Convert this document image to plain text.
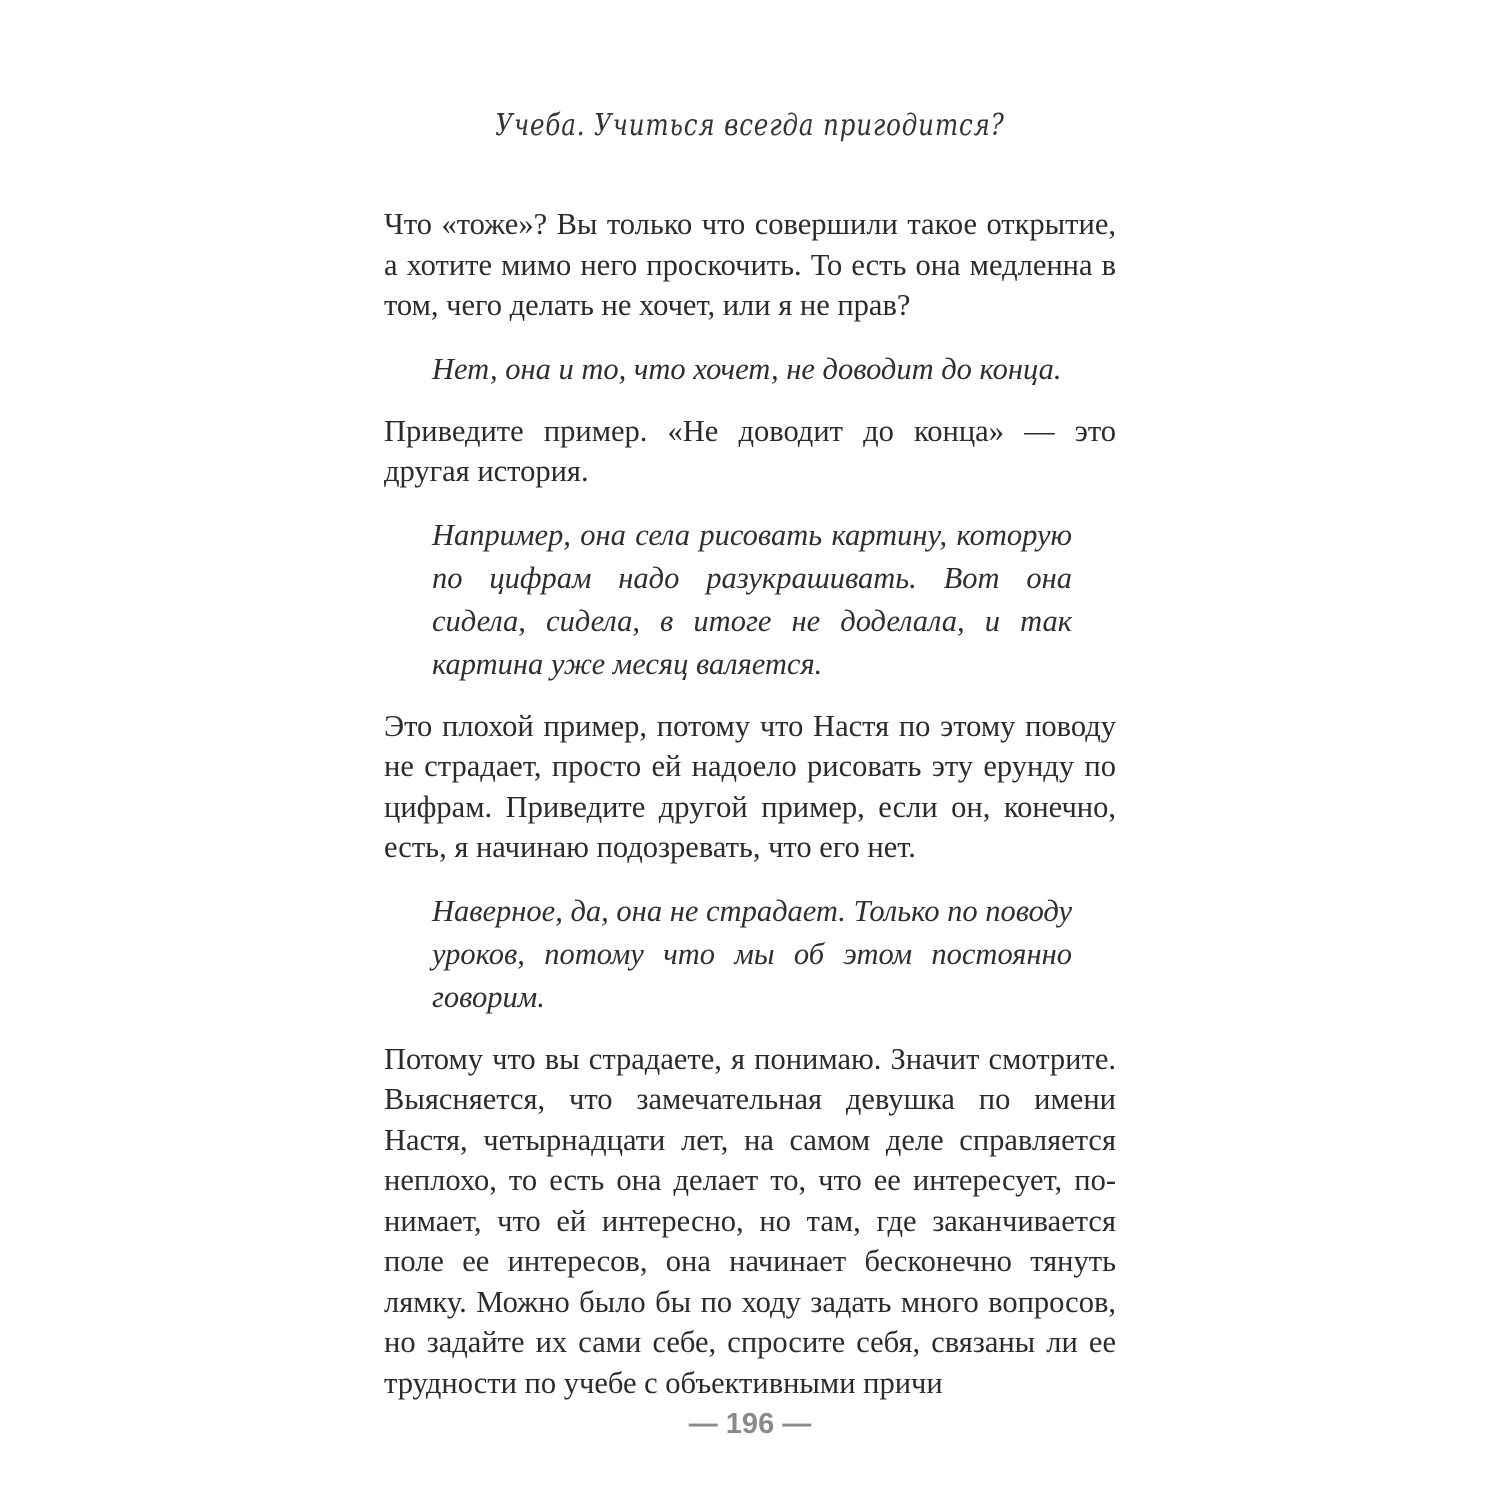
Учеба. Учиться всегда пригодится?

Что «тоже»? Вы только что совершили такое открытие, а хотите мимо него проскочить. То есть она медленна в том, чего делать не хочет, или я не прав?

Нет, она и то, что хочет, не доводит до конца.

Приведите пример. «Не доводит до конца» — это другая история.

Например, она села рисовать картину, которую по цифрам надо разукрашивать. Вот она сидела, сидела, в итоге не доделала, и так картина уже месяц валяется.

Это плохой пример, потому что Настя по этому поводу не страдает, просто ей надоело рисовать эту ерунду по цифрам. Приведите другой пример, если он, конечно, есть, я начинаю подозревать, что его нет.

Наверное, да, она не страдает. Только по поводу уроков, потому что мы об этом постоянно говорим.

Потому что вы страдаете, я понимаю. Значит смотрите. Выясняется, что замечательная девушка по имени Настя, четырнадцати лет, на самом деле справляется неплохо, то есть она делает то, что ее интересует, понимает, что ей интересно, но там, где заканчивается поле ее интересов, она начинает бесконечно тянуть лямку. Можно было бы по ходу задать много вопросов, но задайте их сами себе, спросите себя, связаны ли ее трудности по учебе с объективными причи

— 196 —
